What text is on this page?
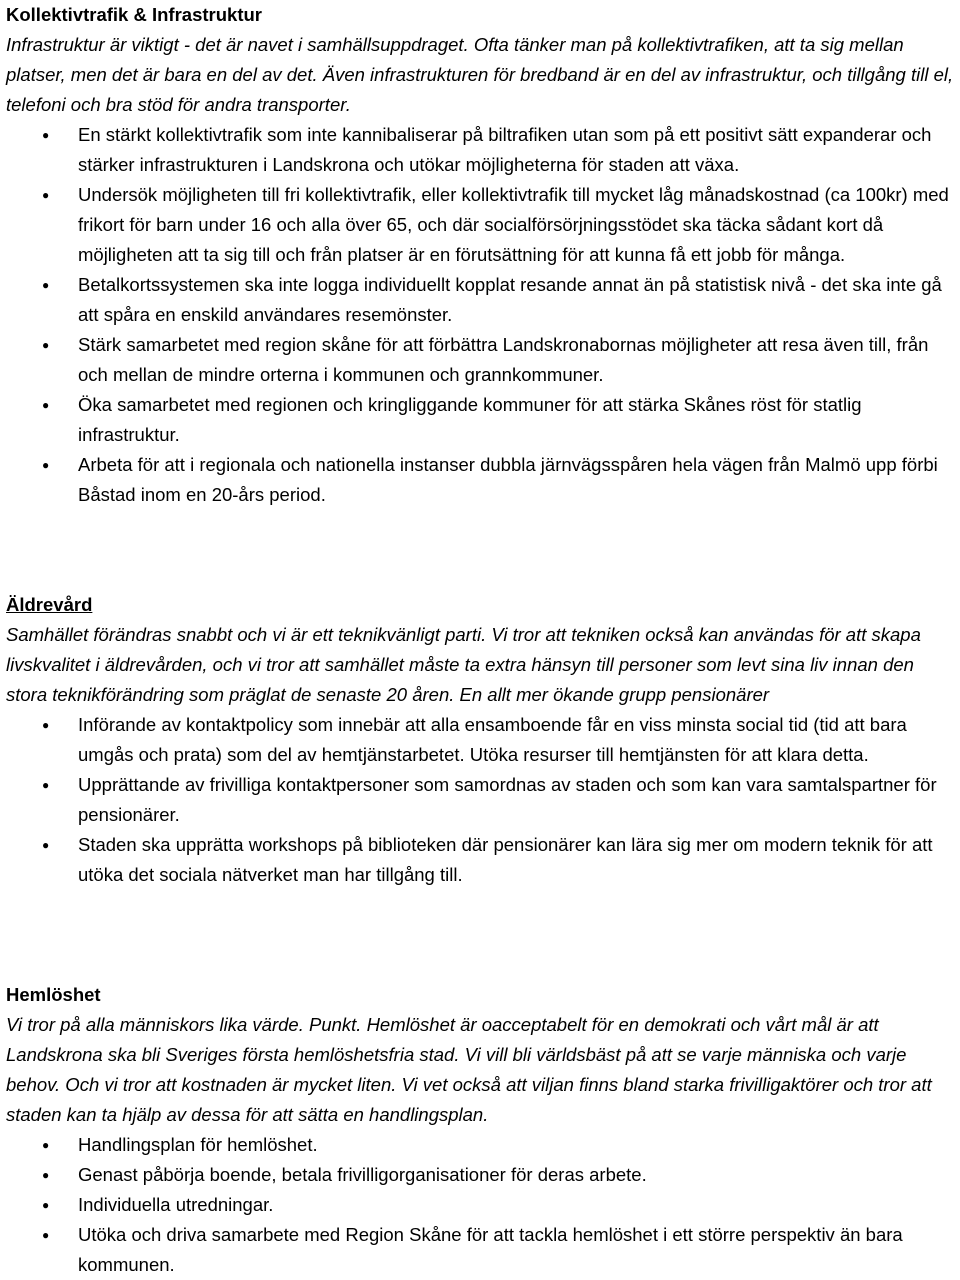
Kollektivtrafik & Infrastruktur
Infrastruktur är viktigt - det är navet i samhällsuppdraget. Ofta tänker man på kollektivtrafiken, att ta sig mellan platser, men det är bara en del av det. Även infrastrukturen för bredband är en del av infrastruktur, och tillgång till el, telefoni och bra stöd för andra transporter.
● En stärkt kollektivtrafik som inte kannibaliserar på biltrafiken utan som på ett positivt sätt expanderar och stärker infrastrukturen i Landskrona och utökar möjligheterna för staden att växa.
● Undersök möjligheten till fri kollektivtrafik, eller kollektivtrafik till mycket låg månadskostnad (ca 100kr) med frikort för barn under 16 och alla över 65, och där socialförsörjningsstödet ska täcka sådant kort då möjligheten att ta sig till och från platser är en förutsättning för att kunna få ett jobb för många.
● Betalkortssystemen ska inte logga individuellt kopplat resande annat än på statistisk nivå - det ska inte gå att spåra en enskild användares resemönster.
● Stärk samarbetet med region skåne för att förbättra Landskronabornas möjligheter att resa även till, från och mellan de mindre orterna i kommunen och grannkommuner.
● Öka samarbetet med regionen och kringliggande kommuner för att stärka Skånes röst för statlig infrastruktur.
● Arbeta för att i regionala och nationella instanser dubbla järnvägsspåren hela vägen från Malmö upp förbi Båstad inom en 20-års period.
Äldrevård
Samhället förändras snabbt och vi är ett teknikvänligt parti. Vi tror att tekniken också kan användas för att skapa livskvalitet i äldrevården, och vi tror att samhället måste ta extra hänsyn till personer som levt sina liv innan den stora teknikförändring som präglat de senaste 20 åren. En allt mer ökande grupp pensionärer
● Införande av kontaktpolicy som innebär att alla ensamboende får en viss minsta social tid (tid att bara umgås och prata) som del av hemtjänstarbetet. Utöka resurser till hemtjänsten för att klara detta.
● Upprättande av frivilliga kontaktpersoner som samordnas av staden och som kan vara samtalspartner för pensionärer.
● Staden ska upprätta workshops på biblioteken där pensionärer kan lära sig mer om modern teknik för att utöka det sociala nätverket man har tillgång till.
Hemlöshet
Vi tror på alla människors lika värde. Punkt. Hemlöshet är oacceptabelt för en demokrati och vårt mål är att Landskrona ska bli Sveriges första hemlöshetsfria stad. Vi vill bli världsbäst på att se varje människa och varje behov. Och vi tror att kostnaden är mycket liten. Vi vet också att viljan finns bland starka frivilligaktörer och tror att staden kan ta hjälp av dessa för att sätta en handlingsplan.
● Handlingsplan för hemlöshet.
● Genast påbörja boende, betala frivilligorganisationer för deras arbete.
● Individuella utredningar.
● Utöka och driva samarbete med Region Skåne för att tackla hemlöshet i ett större perspektiv än bara kommunen.
